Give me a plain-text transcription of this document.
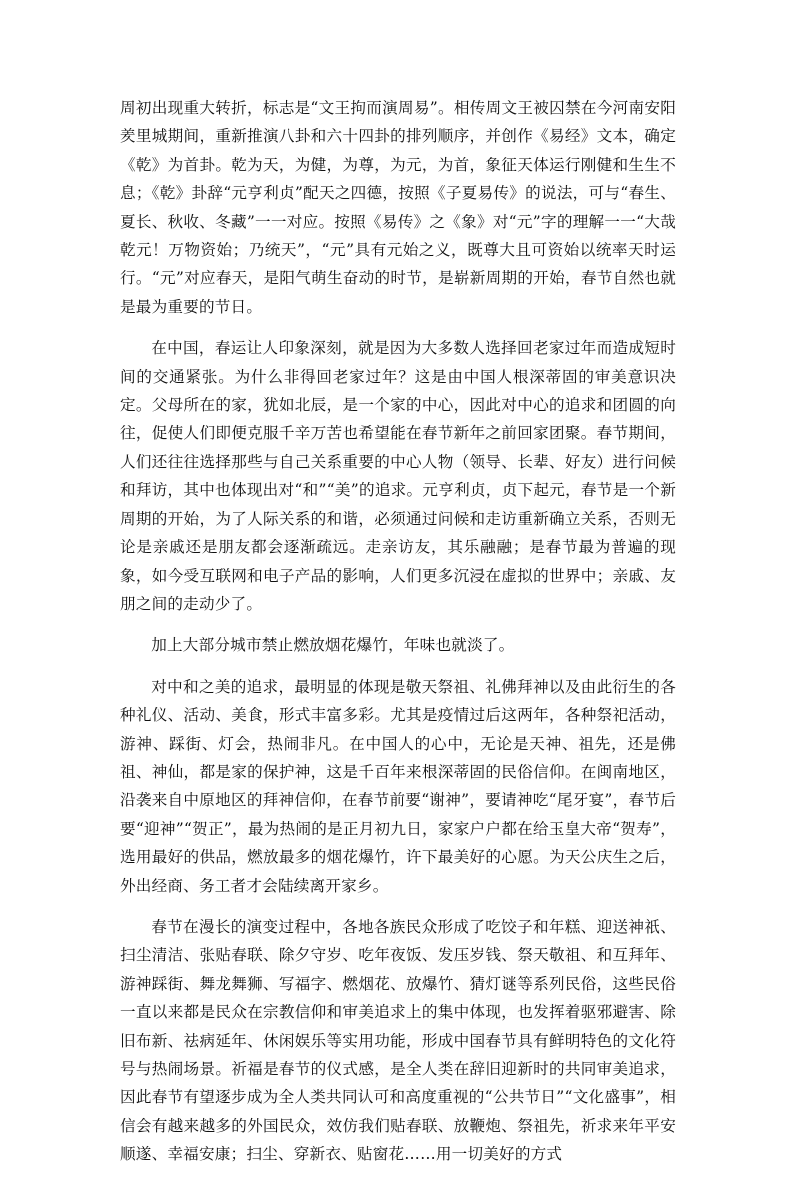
周初出现重大转折，标志是“文王拘而演周易”。相传周文王被囚禁在今河南安阳羑里城期间，重新推演八卦和六十四卦的排列顺序，并创作《易经》文本，确定《乾》为首卦。乾为天，为健，为尊，为元，为首，象征天体运行刚健和生生不息；《乾》卦辞“元亨利贞”配天之四德，按照《子夏易传》的说法，可与“春生、夏长、秋收、冬藏”一一对应。按照《易传》之《象》对“元”字的理解一一“大哉乾元！万物资始；乃统天”，“元”具有元始之义，既尊大且可资始以统率天时运行。“元”对应春天，是阳气萌生奋动的时节，是崭新周期的开始，春节自然也就是最为重要的节日。

在中国，春运让人印象深刻，就是因为大多数人选择回老家过年而造成短时间的交通紧张。为什么非得回老家过年？这是由中国人根深蒂固的审美意识决定。父母所在的家，犹如北辰，是一个家的中心，因此对中心的追求和团圆的向往，促使人们即便克服千辛万苦也希望能在春节新年之前回家团聚。春节期间，人们还往往选择那些与自己关系重要的中心人物（领导、长辈、好友）进行问候和拜访，其中也体现出对“和”“美”的追求。元亨利贞，贞下起元，春节是一个新周期的开始，为了人际关系的和谐，必须通过问候和走访重新确立关系，否则无论是亲戚还是朋友都会逐渐疏远。走亲访友，其乐融融；是春节最为普遍的现象，如今受互联网和电子产品的影响，人们更多沉浸在虚拟的世界中；亲戚、友朋之间的走动少了。

加上大部分城市禁止燃放烟花爆竹，年味也就淡了。

对中和之美的追求，最明显的体现是敬天祭祖、礼佛拜神以及由此衍生的各种礼仪、活动、美食，形式丰富多彩。尤其是疫情过后这两年，各种祭祀活动，游神、踩街、灯会，热闹非凡。在中国人的心中，无论是天神、祖先，还是佛祖、神仙，都是家的保护神，这是千百年来根深蒂固的民俗信仰。在闽南地区，沿袭来自中原地区的拜神信仰，在春节前要“谢神”，要请神吃“尾牙宴”，春节后要“迎神”“贺正”，最为热闹的是正月初九日，家家户户都在给玉皇大帝“贺寿”，选用最好的供品，燃放最多的烟花爆竹，许下最美好的心愿。为天公庆生之后，外出经商、务工者才会陆续离开家乡。

春节在漫长的演变过程中，各地各族民众形成了吃饺子和年糕、迎送神祇、扫尘清洁、张贴春联、除夕守岁、吃年夜饭、发压岁钱、祭天敬祖、和互拜年、游神踩街、舞龙舞狮、写福字、燃烟花、放爆竹、猜灯谜等系列民俗，这些民俗一直以来都是民众在宗教信仰和审美追求上的集中体现，也发挥着驱邪避害、除旧布新、祛病延年、休闲娱乐等实用功能，形成中国春节具有鲜明特色的文化符号与热闹场景。祈福是春节的仪式感，是全人类在辞旧迎新时的共同审美追求，因此春节有望逐步成为全人类共同认可和高度重视的“公共节日”“文化盛事”，相信会有越来越多的外国民众，效仿我们贴春联、放鞭炮、祭祖先，祈求来年平安顺遂、幸福安康；扫尘、穿新衣、贴窗花……用一切美好的方式
